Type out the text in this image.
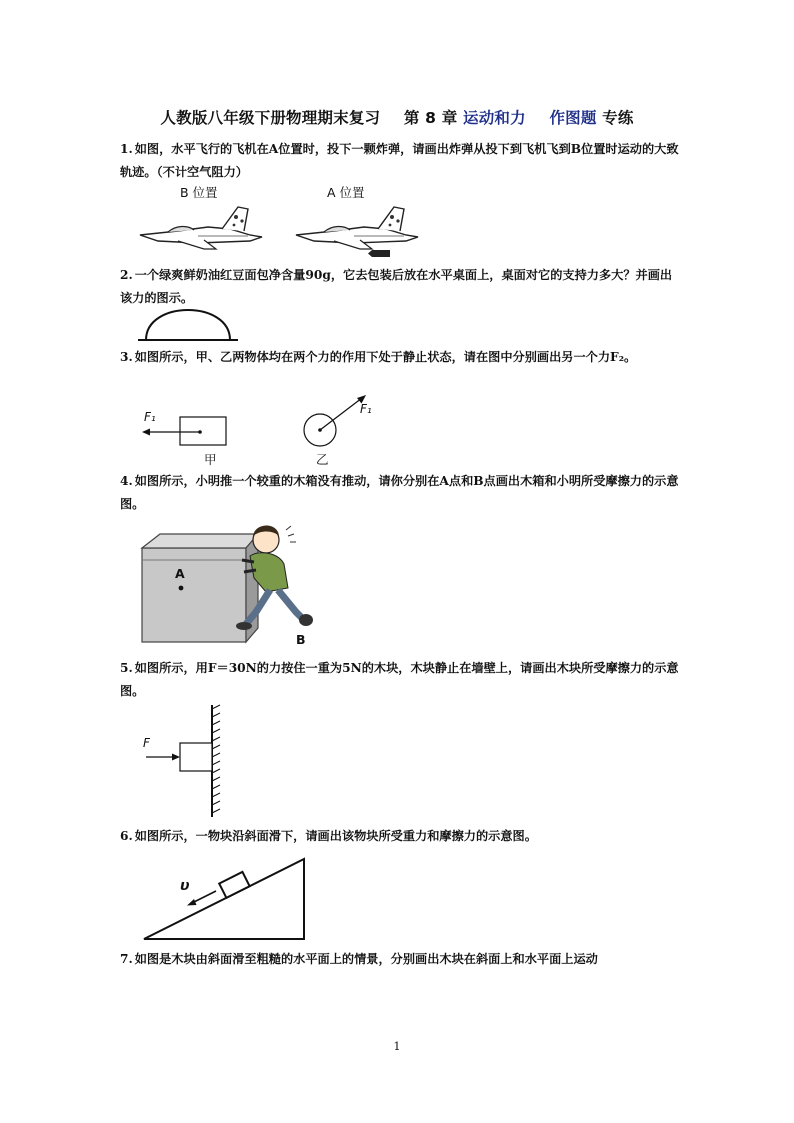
人教版八年级下册物理期末复习 第 8 章 运动和力 作图题 专练
1. 如图，水平飞行的飞机在A位置时，投下一颗炸弹，请画出炸弹从投下到飞机飞到B位置时运动的大致轨迹。（不计空气阻力）
B 位置	A 位置
2. 一个绿爽鲜奶油红豆面包净含量90g，它去包装后放在水平桌面上，桌面对它的支持力多大？并画出该力的图示。
3. 如图所示，甲、乙两物体均在两个力的作用下处于静止状态，请在图中分别画出另一个力F₂。
F₁
甲
F₁
乙
4. 如图所示，小明推一个较重的木箱没有推动，请你分别在A点和B点画出木箱和小明所受摩擦力的示意图。
A
B
5. 如图所示，用F＝30N的力按住一重为5N的木块，木块静止在墙壁上，请画出木块所受摩擦力的示意图。
F
6. 如图所示，一物块沿斜面滑下，请画出该物块所受重力和摩擦力的示意图。
υ
7. 如图是木块由斜面滑至粗糙的水平面上的情景，分别画出木块在斜面上和水平面上运动
1
